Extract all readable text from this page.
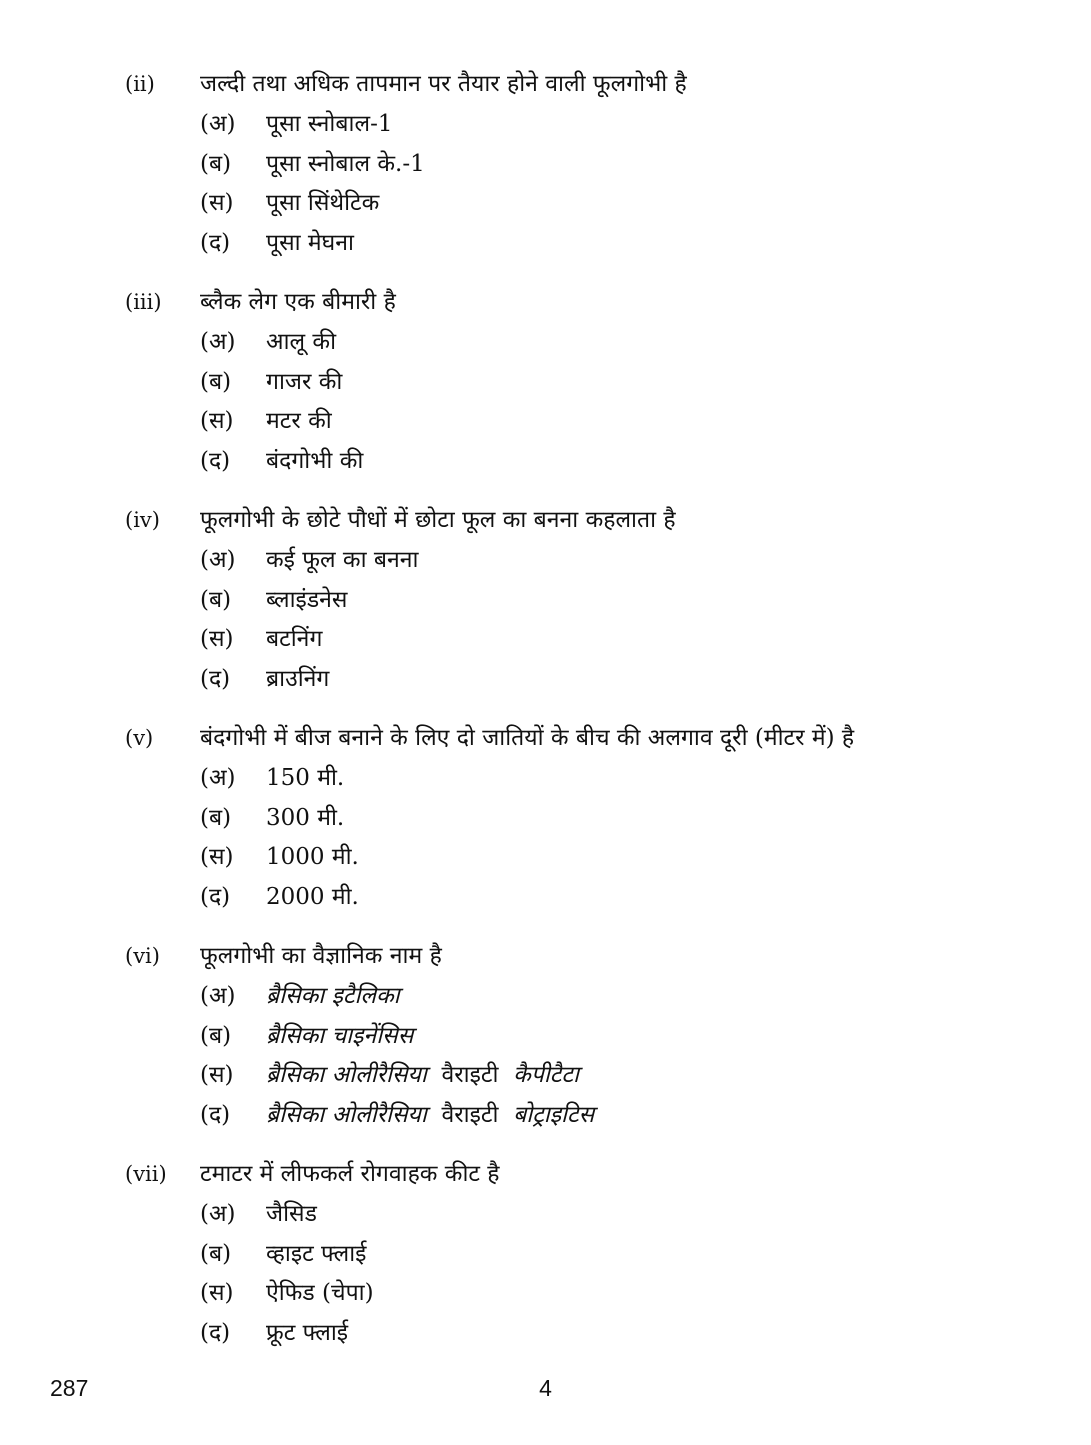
(ii)	जल्दी तथा अधिक तापमान पर तैयार होने वाली फूलगोभी है
(अ)	पूसा स्नोबाल-1
(ब)	पूसा स्नोबाल के.-1
(स)	पूसा सिंथेटिक
(द)	पूसा मेघना
(iii)	ब्लैक लेग एक बीमारी है
(अ)	आलू की
(ब)	गाजर की
(स)	मटर की
(द)	बंदगोभी की
(iv)	फूलगोभी के छोटे पौधों में छोटा फूल का बनना कहलाता है
(अ)	कई फूल का बनना
(ब)	ब्लाइंडनेस
(स)	बटनिंग
(द)	ब्राउनिंग
(v)	बंदगोभी में बीज बनाने के लिए दो जातियों के बीच की अलगाव दूरी (मीटर में) है
(अ)	150 मी.
(ब)	300 मी.
(स)	1000 मी.
(द)	2000 मी.
(vi)	फूलगोभी का वैज्ञानिक नाम है
(अ)	ब्रैसिका इटैलिका
(ब)	ब्रैसिका चाइनेंसिस
(स)	ब्रैसिका ओलीरैसिया  वैराइटी  कैपीटैटा
(द)	ब्रैसिका ओलीरैसिया  वैराइटी  बोट्राइटिस
(vii)	टमाटर में लीफकर्ल रोगवाहक कीट है
(अ)	जैसिड
(ब)	व्हाइट फ्लाई
(स)	ऐफिड (चेपा)
(द)	फ्रूट फ्लाई
287	4
